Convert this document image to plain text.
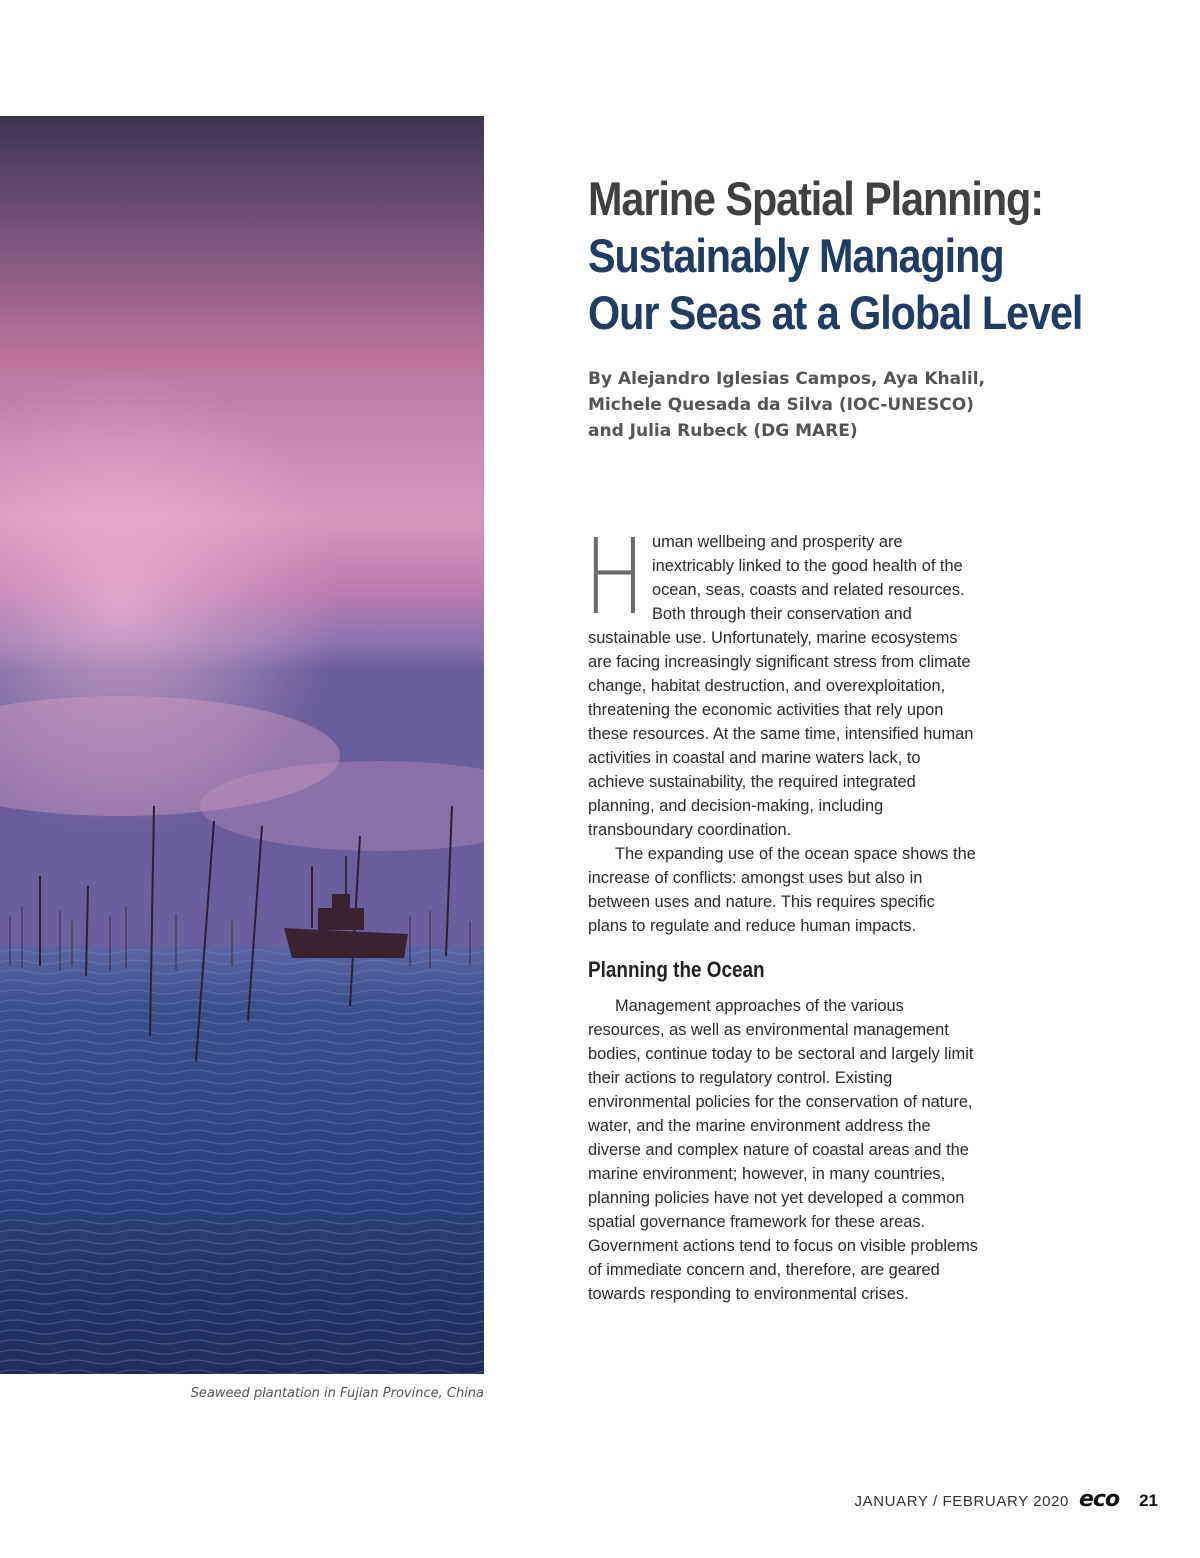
Seaweed plantation in Fujian Province, China
Marine Spatial Planning:
Sustainably Managing
Our Seas at a Global Level
By Alejandro Iglesias Campos, Aya Khalil,
Michele Quesada da Silva (IOC-UNESCO)
and Julia Rubeck (DG MARE)

Human wellbeing and prosperity are inextricably linked to the good health of the ocean, seas, coasts and related resources. Both through their conservation and sustainable use. Unfortunately, marine ecosystems are facing increasingly significant stress from climate change, habitat destruction, and overexploitation, threatening the economic activities that rely upon these resources. At the same time, intensified human activities in coastal and marine waters lack, to achieve sustainability, the required integrated planning, and decision-making, including transboundary coordination.

The expanding use of the ocean space shows the increase of conflicts: amongst uses but also in between uses and nature. This requires specific plans to regulate and reduce human impacts.

Planning the Ocean

Management approaches of the various resources, as well as environmental management bodies, continue today to be sectoral and largely limit their actions to regulatory control. Existing environmental policies for the conservation of nature, water, and the marine environment address the diverse and complex nature of coastal areas and the marine environment; however, in many countries, planning policies have not yet developed a common spatial governance framework for these areas. Government actions tend to focus on visible problems of immediate concern and, therefore, are geared towards responding to environmental crises.

JANUARY / FEBRUARY 2020 eco 21
